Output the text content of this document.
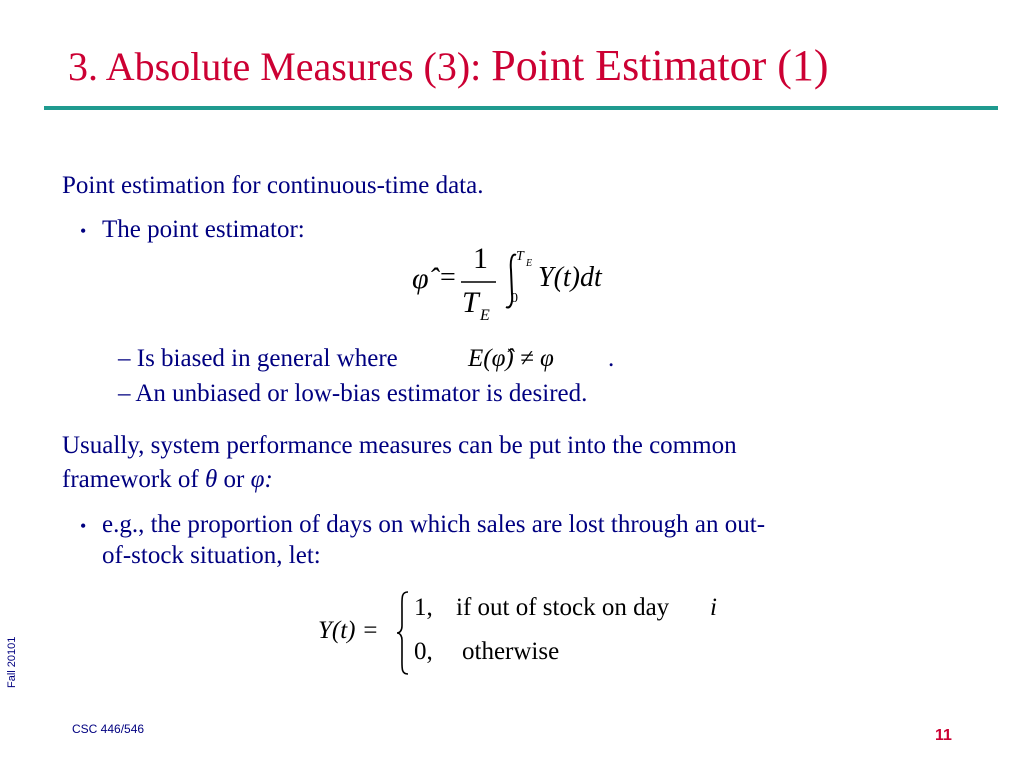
3. Absolute Measures (3): Point Estimator (1)
Point estimation for continuous-time data.
• The point estimator:
φ̂ =
1
T E
T E
0
Y(t)dt
– Is biased in general where	E(φ̂) ≠ φ .
– An unbiased or low-bias estimator is desired.
Usually, system performance measures can be put into the common
framework of θ or φ:
• e.g., the proportion of days on which sales are lost through an out-
of-stock situation, let:
Y(t) =
1, if out of stock on day i
0, otherwise
Fall 20101
CSC 446/546	11
